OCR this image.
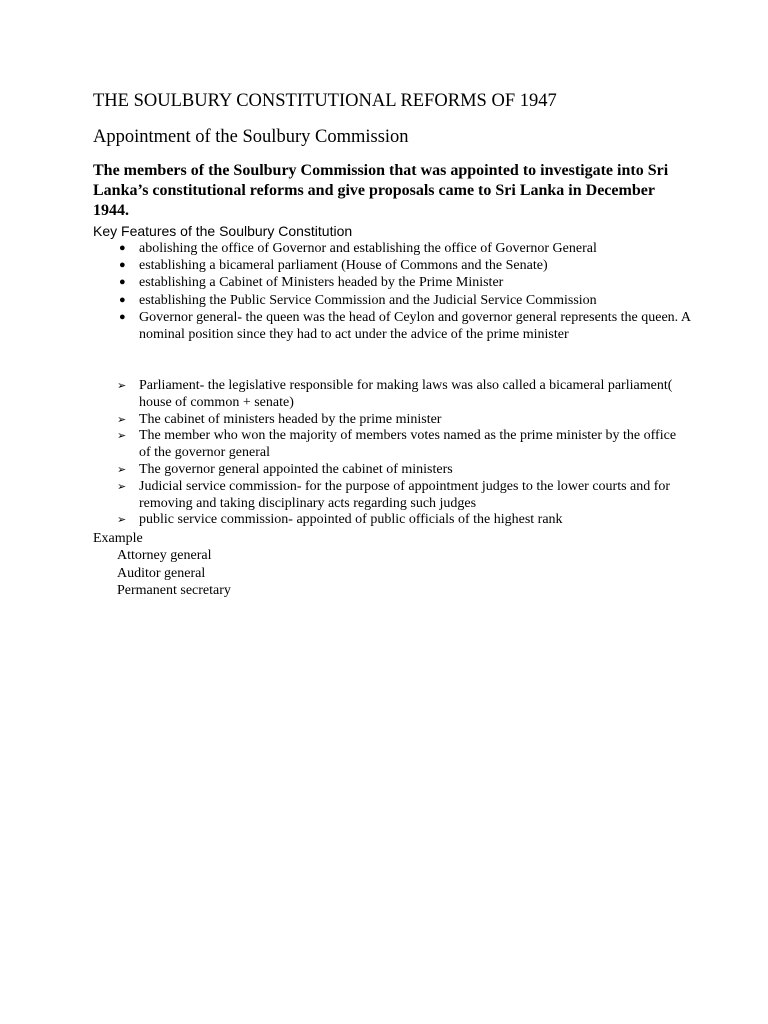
THE SOULBURY CONSTITUTIONAL REFORMS OF 1947
Appointment of the Soulbury Commission

The members of the Soulbury Commission that was appointed to investigate into Sri Lanka’s constitutional reforms and give proposals came to Sri Lanka in December 1944.

Key Features of the Soulbury Constitution

● abolishing the office of Governor and establishing the office of Governor General
● establishing a bicameral parliament (House of Commons and the Senate)
● establishing a Cabinet of Ministers headed by the Prime Minister
● establishing the Public Service Commission and the Judicial Service Commission
● Governor general- the queen was the head of Ceylon and governor general represents the queen. A nominal position since they had to act under the advice of the prime minister
➢ Parliament- the legislative responsible for making laws was also called a bicameral parliament( house of common + senate)
➢ The cabinet of ministers headed by the prime minister
➢ The member who won the majority of members votes named as the prime minister by the office of the governor general
➢ The governor general appointed the cabinet of ministers
➢ Judicial service commission- for the purpose of appointment judges to the lower courts and for removing and taking disciplinary acts regarding such judges
➢ public service commission- appointed of public officials of the highest rank

Example

Attorney general
Auditor general
Permanent secretary
